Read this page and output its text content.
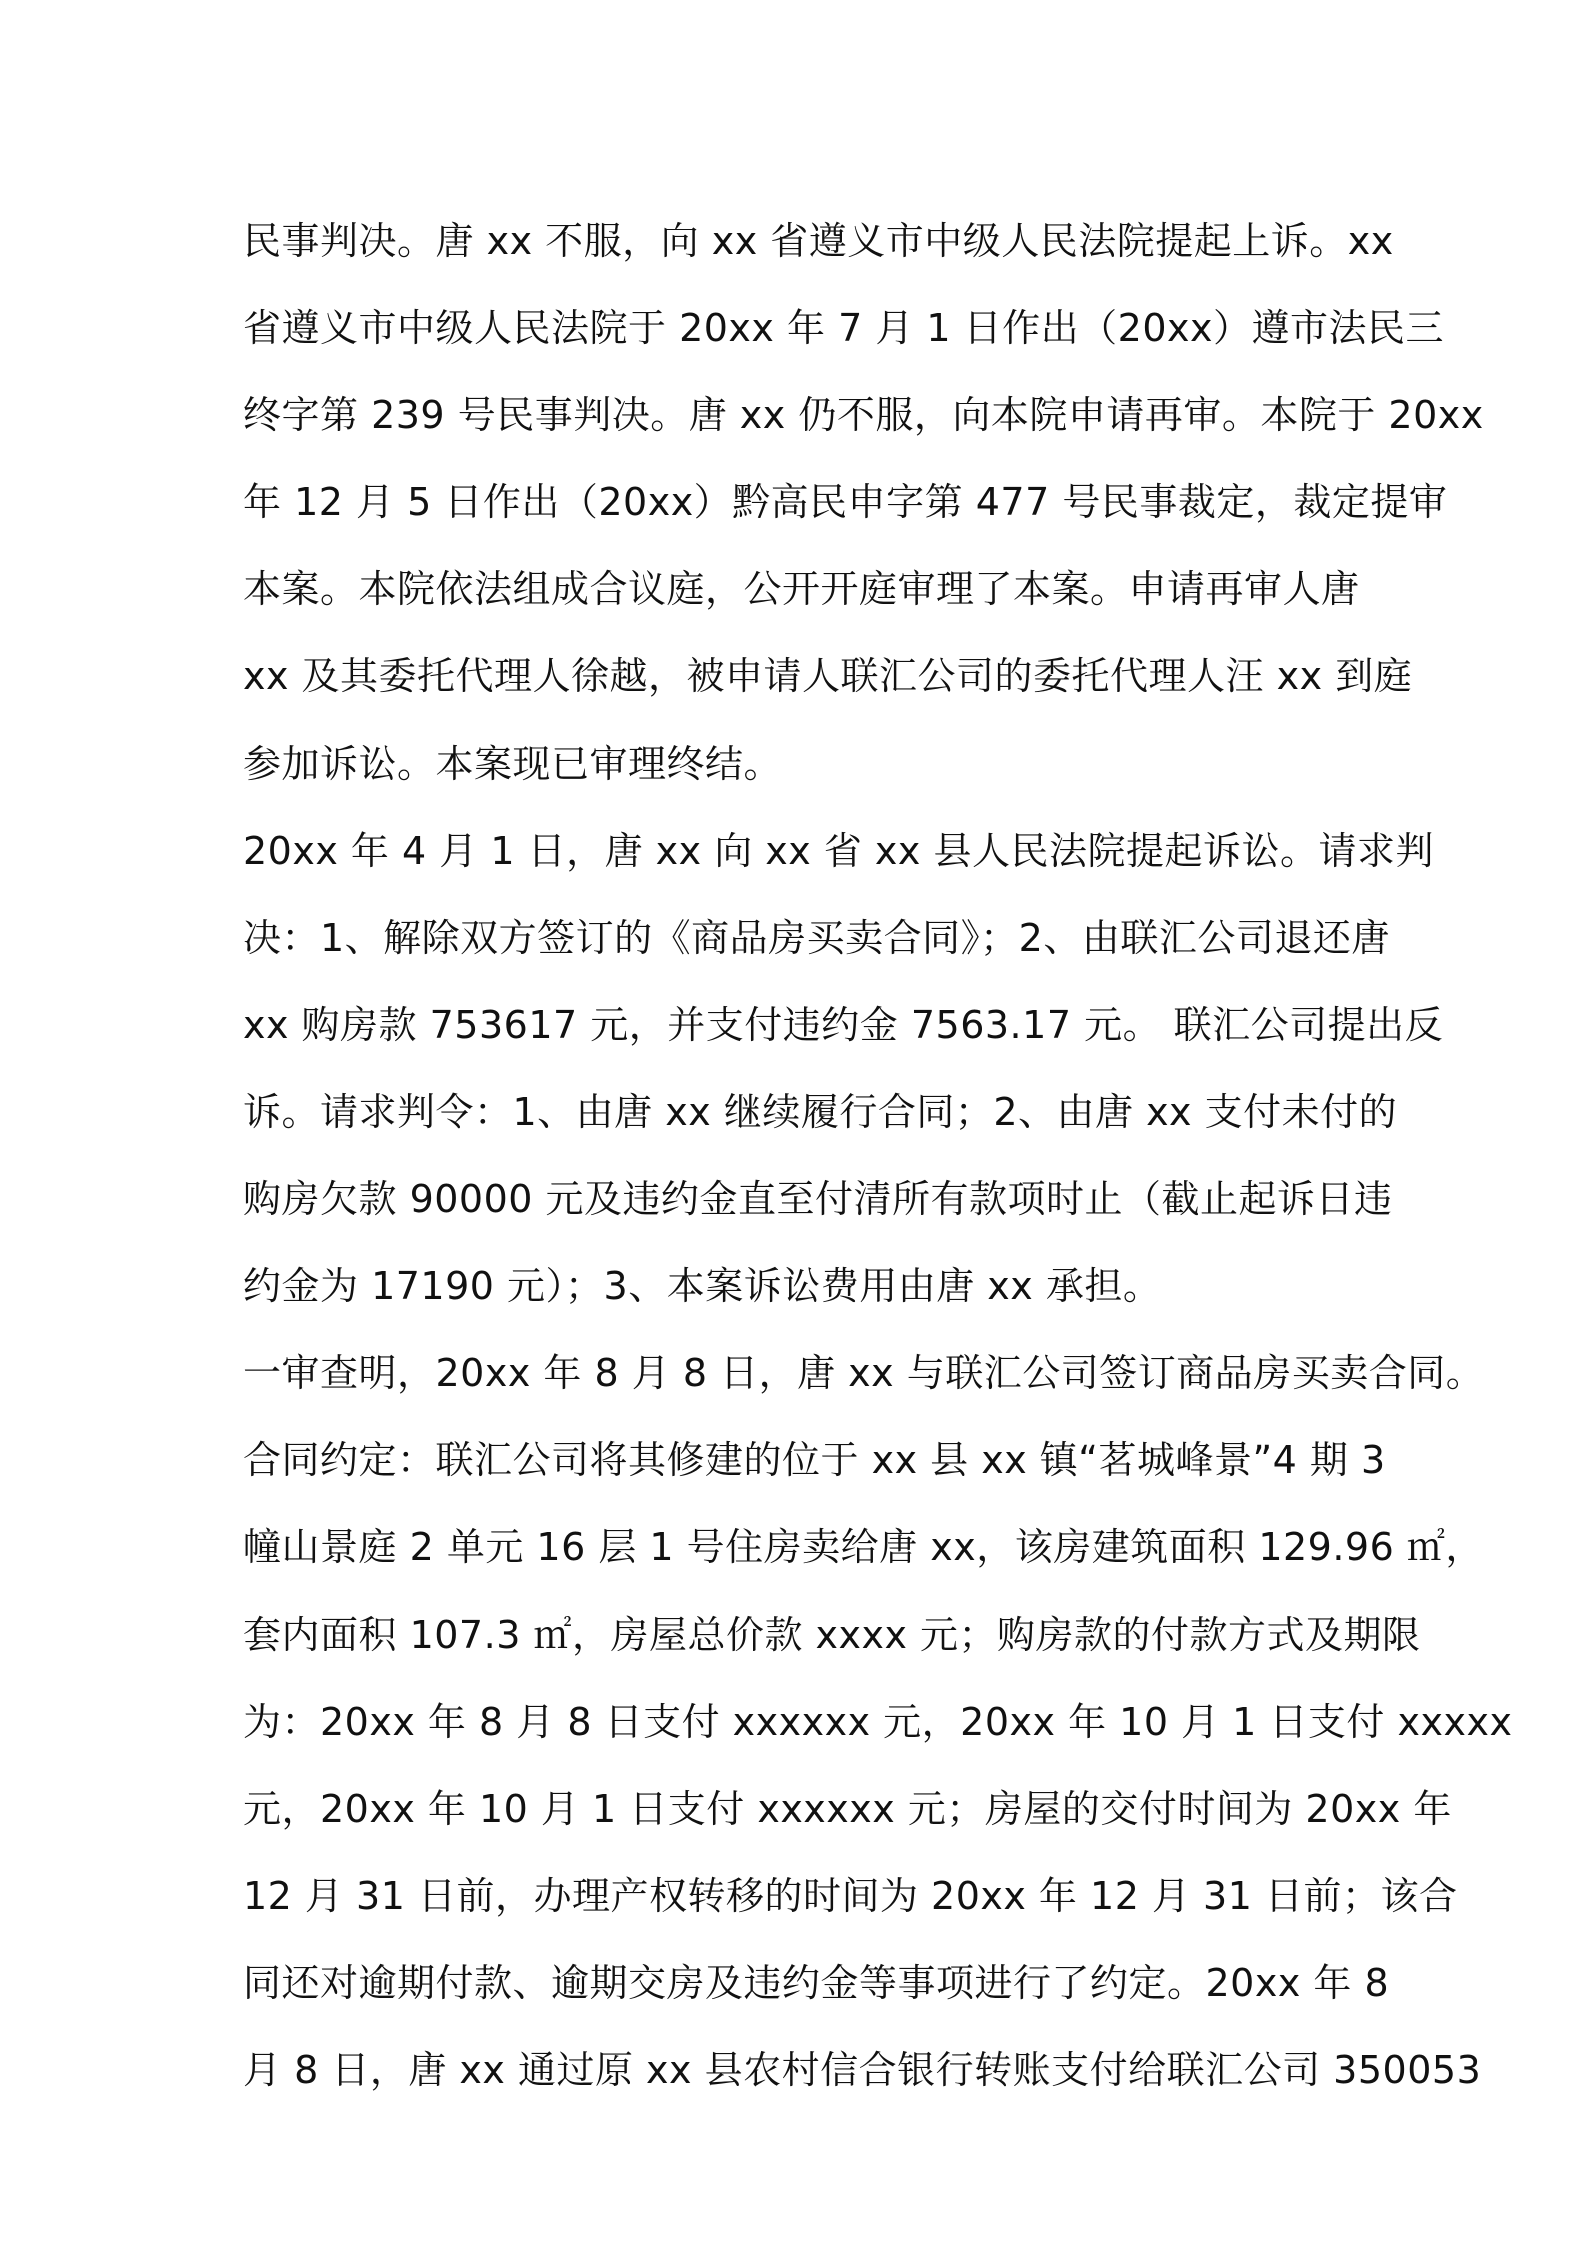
民事判决。唐 xx 不服，向 xx 省遵义市中级人民法院提起上诉。xx
省遵义市中级人民法院于 20xx 年 7 月 1 日作出（20xx）遵市法民三
终字第 239 号民事判决。唐 xx 仍不服，向本院申请再审。本院于 20xx
年 12 月 5 日作出（20xx）黔高民申字第 477 号民事裁定，裁定提审
本案。本院依法组成合议庭，公开开庭审理了本案。申请再审人唐
xx 及其委托代理人徐越，被申请人联汇公司的委托代理人汪 xx 到庭
参加诉讼。本案现已审理终结。
20xx 年 4 月 1 日，唐 xx 向 xx 省 xx 县人民法院提起诉讼。请求判
决：1、解除双方签订的《商品房买卖合同》；2、由联汇公司退还唐
xx 购房款 753617 元，并支付违约金 7563.17 元。 联汇公司提出反
诉。请求判令：1、由唐 xx 继续履行合同；2、由唐 xx 支付未付的
购房欠款 90000 元及违约金直至付清所有款项时止（截止起诉日违
约金为 17190 元）；3、本案诉讼费用由唐 xx 承担。
一审查明，20xx 年 8 月 8 日，唐 xx 与联汇公司签订商品房买卖合同。
合同约定：联汇公司将其修建的位于 xx 县 xx 镇“茗城峰景”4 期 3
幢山景庭 2 单元 16 层 1 号住房卖给唐 xx，该房建筑面积 129.96 ㎡，
套内面积 107.3 ㎡，房屋总价款 xxxx 元；购房款的付款方式及期限
为：20xx 年 8 月 8 日支付 xxxxxx 元，20xx 年 10 月 1 日支付 xxxxx
元，20xx 年 10 月 1 日支付 xxxxxx 元；房屋的交付时间为 20xx 年
12 月 31 日前，办理产权转移的时间为 20xx 年 12 月 31 日前；该合
同还对逾期付款、逾期交房及违约金等事项进行了约定。20xx 年 8
月 8 日，唐 xx 通过原 xx 县农村信合银行转账支付给联汇公司 350053
